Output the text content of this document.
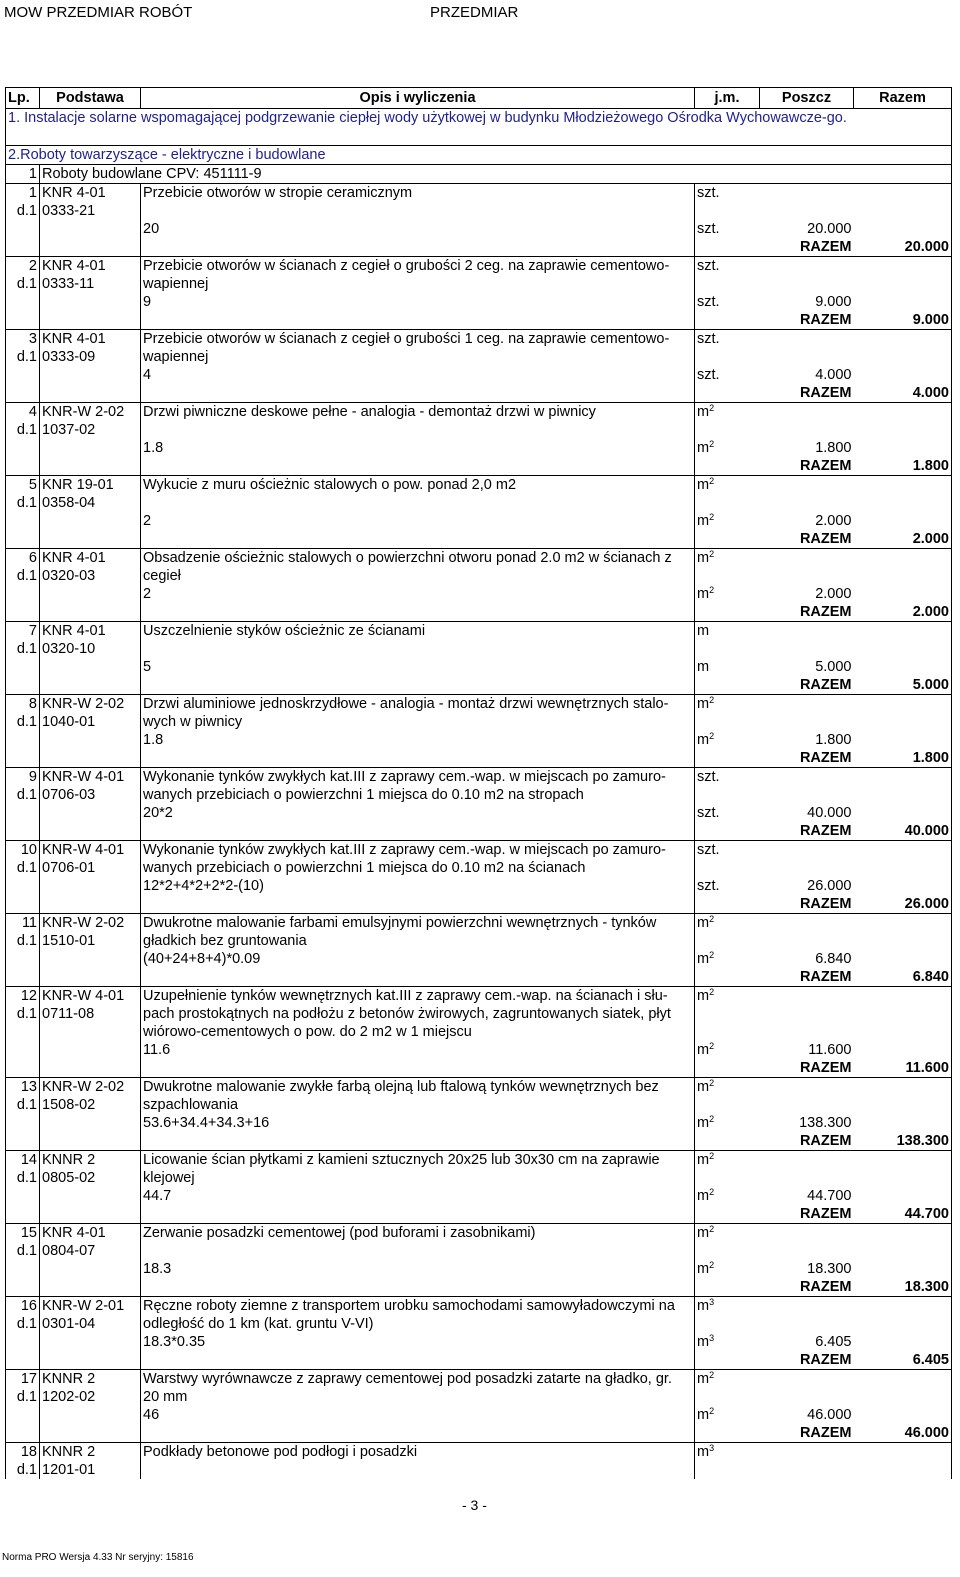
MOW PRZEDMIAR ROBÓT	PRZEDMIAR
Lp.	Podstawa	Opis i wyliczenia	j.m.	Poszcz	Razem
1. Instalacje solarne wspomagającej podgrzewanie ciepłej wody użytkowej w budynku Młodzieżowego Ośrodka Wychowawcze-go.					
2.Roboty towarzyszące - elektryczne i budowlane					
1	Roboty budowlane CPV: 451111-9				
1	KNR 4-01	Przebicie otworów w stropie ceramicznym	szt.		
d.1	0333-21				
		20	szt.	20.000	
			RAZEM		20.000
2	KNR 4-01	Przebicie otworów w ścianach z cegieł o grubości 2 ceg. na zaprawie cementowo-	szt.		
d.1	0333-11	wapiennej			
		9	szt.	9.000	
			RAZEM		9.000
3	KNR 4-01	Przebicie otworów w ścianach z cegieł o grubości 1 ceg. na zaprawie cementowo-	szt.		
d.1	0333-09	wapiennej			
		4	szt.	4.000	
			RAZEM		4.000
4	KNR-W 2-02	Drzwi piwniczne deskowe pełne - analogia - demontaż drzwi w piwnicy	$m^2$		
d.1	1037-02				
		1.8	$m^2$	1.800	
			RAZEM		1.800
5	KNR 19-01	Wykucie z muru ościeżnic stalowych o pow. ponad 2,0 m2	$m^2$		
d.1	0358-04				
		2	$m^2$	2.000	
			RAZEM		2.000
6	KNR 4-01	Obsadzenie ościeżnic stalowych o powierzchni otworu ponad 2.0 m2 w ścianach z	$m^2$		
d.1	0320-03	cegieł			
		2	$m^2$	2.000	
			RAZEM		2.000
7	KNR 4-01	Uszczelnienie styków ościeżnic ze ścianami	m		
d.1	0320-10				
		5	m	5.000	
			RAZEM		5.000
8	KNR-W 2-02	Drzwi aluminiowe jednoskrzydłowe - analogia - montaż drzwi wewnętrznych stalo-	$m^2$		
d.1	1040-01	wych w piwnicy			
		1.8	$m^2$	1.800	
			RAZEM		1.800
9	KNR-W 4-01	Wykonanie tynków zwykłych kat.III z zaprawy cem.-wap. w miejscach po zamuro-	szt.		
d.1	0706-03	wanych przebiciach o powierzchni 1 miejsca do 0.10 m2 na stropach			
		20*2	szt.	40.000	
			RAZEM		40.000
10	KNR-W 4-01	Wykonanie tynków zwykłych kat.III z zaprawy cem.-wap. w miejscach po zamuro-	szt.		
d.1	0706-01	wanych przebiciach o powierzchni 1 miejsca do 0.10 m2 na ścianach			
		12*2+4*2+2*2-(10)	szt.	26.000	
			RAZEM		26.000
11	KNR-W 2-02	Dwukrotne malowanie farbami emulsyjnymi powierzchni wewnętrznych - tynków	$m^2$		
d.1	1510-01	gładkich bez gruntowania			
		(40+24+8+4)*0.09	$m^2$	6.840	
			RAZEM		6.840
12	KNR-W 4-01	Uzupełnienie tynków wewnętrznych kat.III z zaprawy cem.-wap. na ścianach i słu-	$m^2$		
d.1	0711-08	pach prostokątnych na podłożu z betonów żwirowych, zagruntowanych siatek, płyt			
		wiórowo-cementowych o pow. do 2 m2 w 1 miejscu			
		11.6	$m^2$	11.600	
			RAZEM		11.600
13	KNR-W 2-02	Dwukrotne malowanie zwykłe farbą olejną lub ftalową tynków wewnętrznych bez	$m^2$		
d.1	1508-02	szpachlowania			
		53.6+34.4+34.3+16	$m^2$	138.300	
			RAZEM		138.300
14	KNNR 2	Licowanie ścian płytkami z kamieni sztucznych 20x25 lub 30x30 cm na zaprawie	$m^2$		
d.1	0805-02	klejowej			
		44.7	$m^2$	44.700	
			RAZEM		44.700
15	KNR 4-01	Zerwanie posadzki cementowej (pod buforami i zasobnikami)	$m^2$		
d.1	0804-07				
		18.3	$m^2$	18.300	
			RAZEM		18.300
16	KNR-W 2-01	Ręczne roboty ziemne z transportem urobku samochodami samowyładowczymi na	$m^3$		
d.1	0301-04	odległość do 1 km (kat. gruntu V-VI)			
		18.3*0.35	$m^3$	6.405	
			RAZEM		6.405
17	KNNR 2	Warstwy wyrównawcze z zaprawy cementowej pod posadzki zatarte na gładko, gr.	$m^2$		
d.1	1202-02	20 mm			
		46	$m^2$	46.000	
			RAZEM		46.000
18	KNNR 2	Podkłady betonowe pod podłogi i posadzki	$m^3$		
d.1	1201-01				
- 3 -
Norma PRO Wersja 4.33 Nr seryjny: 15816
